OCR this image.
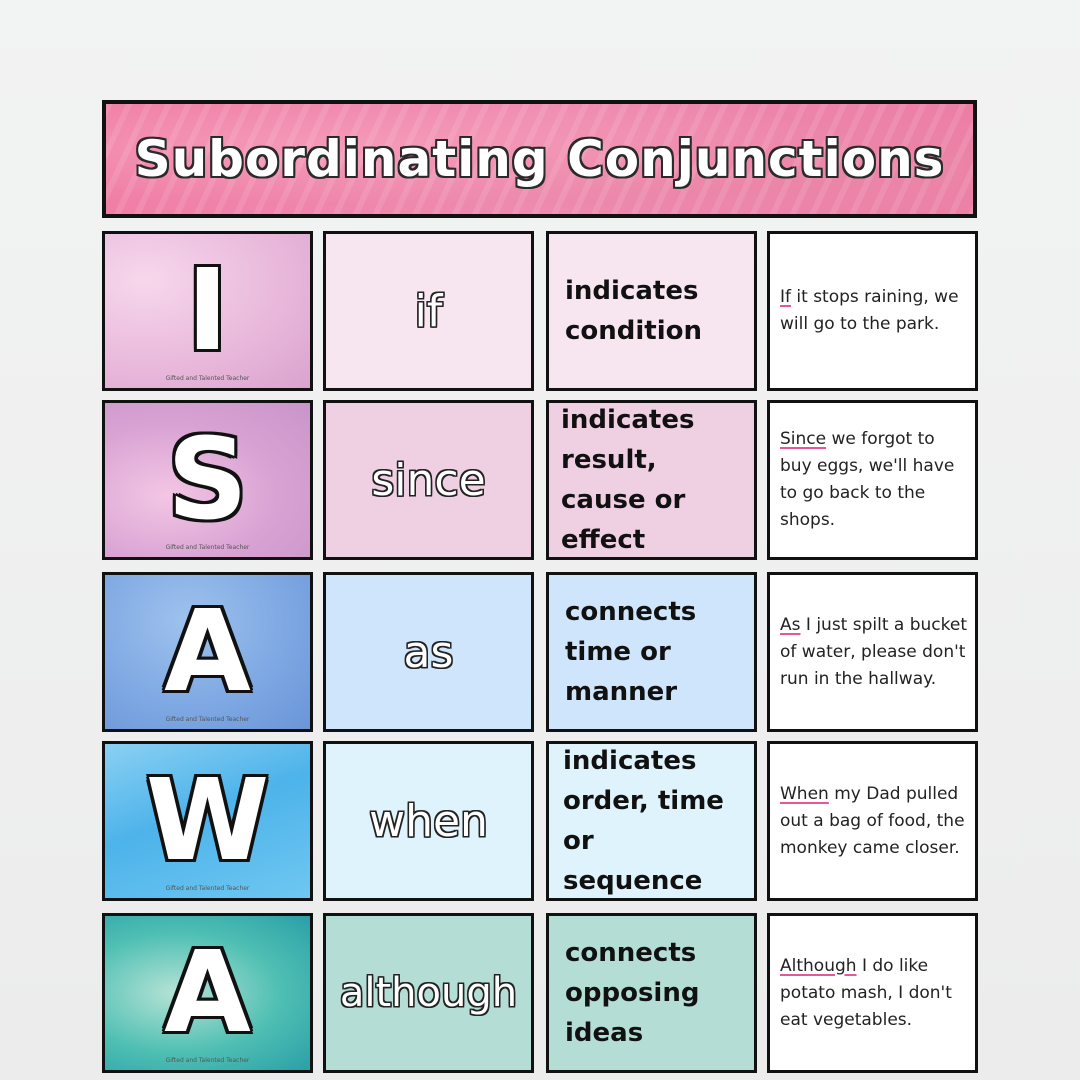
Subordinating Conjunctions
I
Gifted and Talented Teacher
if	indicates condition
If it stops raining, we will go to the park.
S
Gifted and Talented Teacher
since
indicates result, cause or effect
Since we forgot to buy eggs, we'll have to go back to the shops.
A
Gifted and Talented Teacher
as
connects time or manner
As I just spilt a bucket of water, please don't run in the hallway.
W
Gifted and Talented Teacher
when
indicates order, time or sequence
When my Dad pulled out a bag of food, the monkey came closer.
A
Gifted and Talented Teacher
although
connects opposing ideas
Although I do like potato mash, I don't eat vegetables.
